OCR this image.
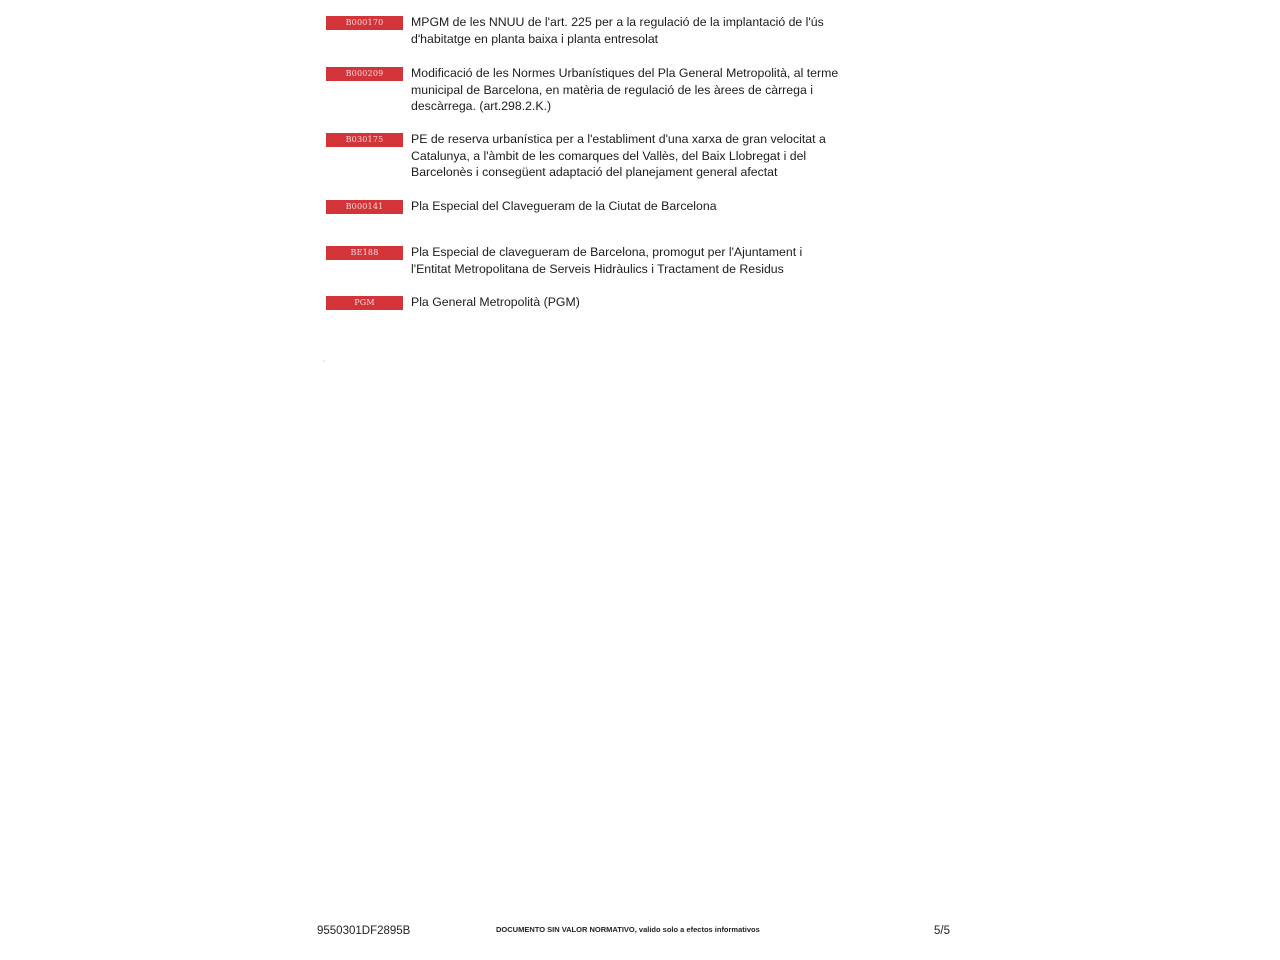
B000170	MPGM de les NNUU de l'art. 225 per a la regulació de la implantació de l'ús d'habitatge en planta baixa i planta entresolat
B000209	Modificació de les Normes Urbanístiques del Pla General Metropolità, al terme municipal de Barcelona, en matèria de regulació de les àrees de càrrega i descàrrega. (art.298.2.K.)
B030175	PE de reserva urbanística per a l'establiment d'una xarxa de gran velocitat a Catalunya, a l'àmbit de les comarques del Vallès, del Baix Llobregat i del Barcelonès i consegüent adaptació del planejament general afectat
B000141	Pla Especial del Clavegueram de la Ciutat de Barcelona
BE188	Pla Especial de clavegueram de Barcelona, promogut per l'Ajuntament i l'Entitat Metropolitana de Serveis Hidràulics i Tractament de Residus
PGM	Pla General Metropolità (PGM)
9550301DF2895B	DOCUMENTO SIN VALOR NORMATIVO, valido solo a efectos informativos	5/5
